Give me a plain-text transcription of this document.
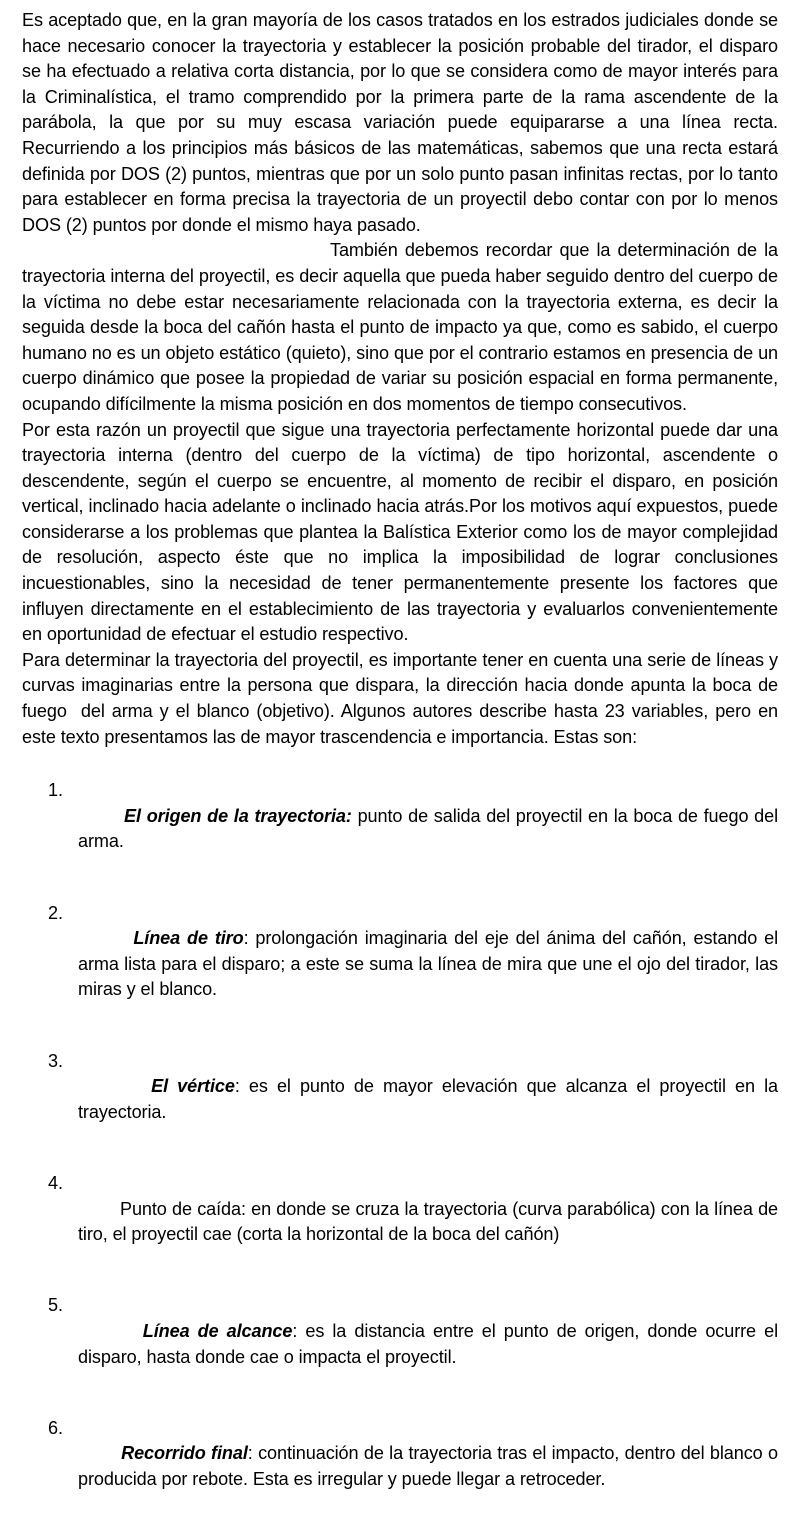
Es aceptado que, en la gran mayoría de los casos tratados en los estrados judiciales donde se hace necesario conocer la trayectoria y establecer la posición probable del tirador, el disparo se ha efectuado a relativa corta distancia, por lo que se considera como de mayor interés para la Criminalística, el tramo comprendido por la primera parte de la rama ascendente de la parábola, la que por su muy escasa variación puede equipararse a una línea recta. Recurriendo a los principios más básicos de las matemáticas, sabemos que una recta estará definida por DOS (2) puntos, mientras que por un solo punto pasan infinitas rectas, por lo tanto para establecer en forma precisa la trayectoria de un proyectil debo contar con por lo menos DOS (2) puntos por donde el mismo haya pasado.

También debemos recordar que la determinación de la trayectoria interna del proyectil, es decir aquella que pueda haber seguido dentro del cuerpo de la víctima no debe estar necesariamente relacionada con la trayectoria externa, es decir la seguida desde la boca del cañón hasta el punto de impacto ya que, como es sabido, el cuerpo humano no es un objeto estático (quieto), sino que por el contrario estamos en presencia de un cuerpo dinámico que posee la propiedad de variar su posición espacial en forma permanente, ocupando difícilmente la misma posición en dos momentos de tiempo consecutivos.

Por esta razón un proyectil que sigue una trayectoria perfectamente horizontal puede dar una trayectoria interna (dentro del cuerpo de la víctima) de tipo horizontal, ascendente o descendente, según el cuerpo se encuentre, al momento de recibir el disparo, en posición vertical, inclinado hacia adelante o inclinado hacia atrás.Por los motivos aquí expuestos, puede considerarse a los problemas que plantea la Balística Exterior como los de mayor complejidad de resolución, aspecto éste que no implica la imposibilidad de lograr conclusiones incuestionables, sino la necesidad de tener permanentemente presente los factores que influyen directamente en el establecimiento de las trayectoria y evaluarlos convenientemente en oportunidad de efectuar el estudio respectivo.

Para determinar la trayectoria del proyectil, es importante tener en cuenta una serie de líneas y curvas imaginarias entre la persona que dispara, la dirección hacia donde apunta la boca de fuego  del arma y el blanco (objetivo). Algunos autores describe hasta 23 variables, pero en este texto presentamos las de mayor trascendencia e importancia. Estas son:

1.
El origen de la trayectoria: punto de salida del proyectil en la boca de fuego del arma.

2.
Línea de tiro: prolongación imaginaria del eje del ánima del cañón, estando el arma lista para el disparo; a este se suma la línea de mira que une el ojo del tirador, las miras y el blanco.

3.
El vértice: es el punto de mayor elevación que alcanza el proyectil en la trayectoria.

4.
Punto de caída: en donde se cruza la trayectoria (curva parabólica) con la línea de tiro, el proyectil cae (corta la horizontal de la boca del cañón)

5.
Línea de alcance: es la distancia entre el punto de origen, donde ocurre el disparo, hasta donde cae o impacta el proyectil.

6.
Recorrido final: continuación de la trayectoria tras el impacto, dentro del blanco o producida por rebote. Esta es irregular y puede llegar a retroceder.
